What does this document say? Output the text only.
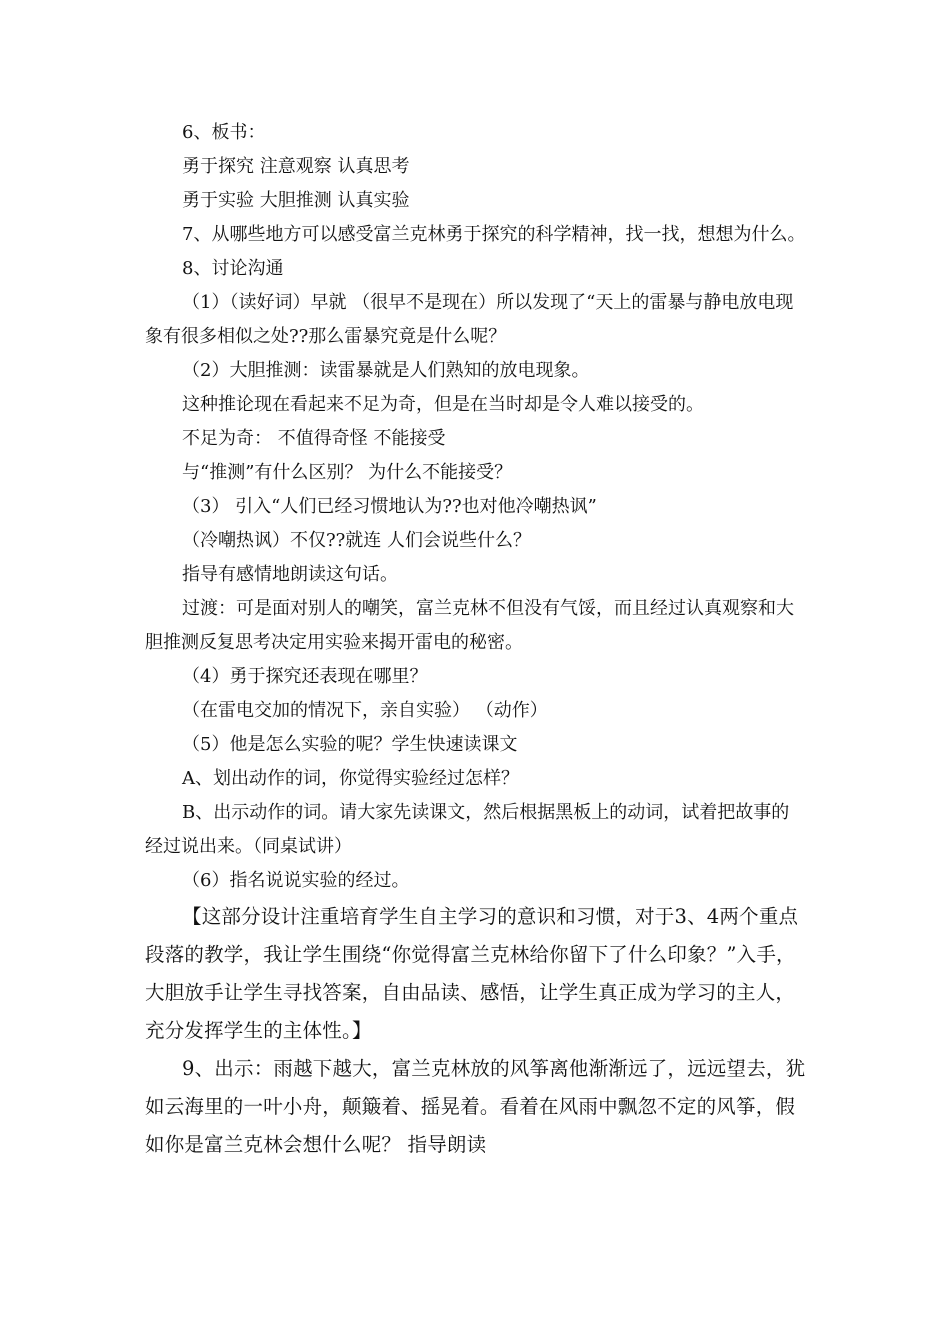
6、板书：

勇于探究 注意观察 认真思考

勇于实验 大胆推测 认真实验

7、从哪些地方可以感受富兰克林勇于探究的科学精神，找一找，想想为什么。

8、讨论沟通

（1）（读好词）早就 （很早不是现在）所以发现了“天上的雷暴与静电放电现象有很多相似之处??那么雷暴究竟是什么呢？

（2）大胆推测：读雷暴就是人们熟知的放电现象。

这种推论现在看起来不足为奇，但是在当时却是令人难以接受的。

不足为奇： 不值得奇怪 不能接受

与“推测”有什么区别？ 为什么不能接受？

（3） 引入“人们已经习惯地认为??也对他冷嘲热讽”

（冷嘲热讽）不仅??就连 人们会说些什么？

指导有感情地朗读这句话。

过渡：可是面对别人的嘲笑，富兰克林不但没有气馁，而且经过认真观察和大胆推测反复思考决定用实验来揭开雷电的秘密。

（4）勇于探究还表现在哪里？

（在雷电交加的情况下，亲自实验） （动作）

（5）他是怎么实验的呢？学生快速读课文

A、划出动作的词，你觉得实验经过怎样？

B、出示动作的词。请大家先读课文，然后根据黑板上的动词，试着把故事的经过说出来。（同桌试讲）

（6）指名说说实验的经过。

【这部分设计注重培育学生自主学习的意识和习惯，对于3、4两个重点段落的教学，我让学生围绕“你觉得富兰克林给你留下了什么印象？”入手，大胆放手让学生寻找答案，自由品读、感悟，让学生真正成为学习的主人，充分发挥学生的主体性。】

9、出示：雨越下越大，富兰克林放的风筝离他渐渐远了，远远望去，犹如云海里的一叶小舟，颠簸着、摇晃着。看着在风雨中飘忽不定的风筝，假如你是富兰克林会想什么呢？ 指导朗读
